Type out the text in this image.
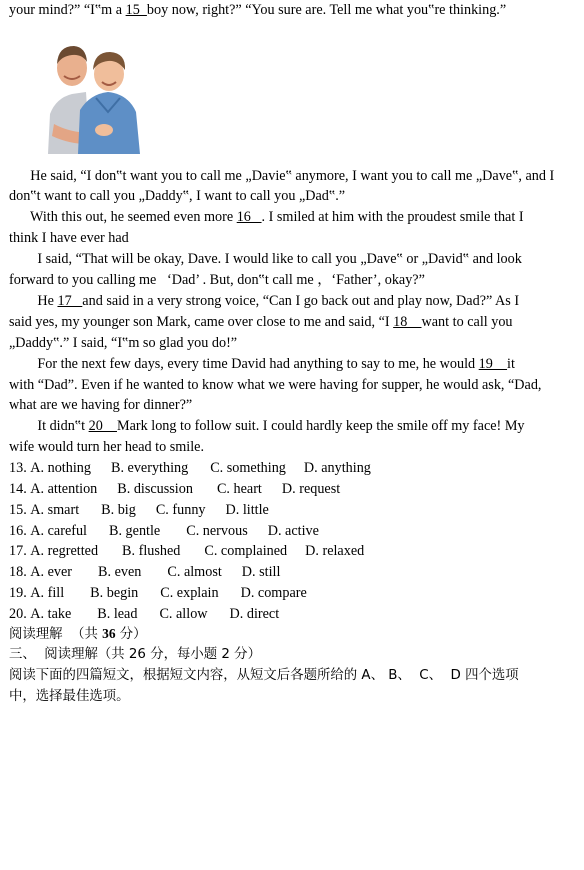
your mind?” “I‟m a 15  boy now, right?” “You sure are. Tell me what you‟re thinking.”
He said, “I don‟t want you to call me „Davie‟ anymore, I want you to call me „Dave‟, and I
don‟t want to call you „Daddy‟, I want to call you „Dad‟.”
With this out, he seemed even more 16   . I smiled at him with the proudest smile that I
think I have ever had
I said, “That will be okay, Dave. I would like to call you „Dave‟ or „David‟ and look
forward to you calling me   ‘Dad’ . But, don‟t call me ，‘Father’, okay?”
He 17   and said in a very strong voice, “Can I go back out and play now, Dad?” As I
said yes, my younger son Mark, came over close to me and said, “I 18    want to call you
„Daddy‟.” I said, “I‟m so glad you do!”
For the next few days, every time David had anything to say to me, he would 19    it
with “Dad”. Even if he wanted to know what we were having for supper, he would ask, “Dad,
what are we having for dinner?”
It didn‟t 20    Mark long to follow suit. I could hardly keep the smile off my face! My
wife would turn her head to smile.
13. A. nothing B. everything C. something D. anything
14. A. attention B. discussion C. heart D. request
15. A. smart B. big C. funny D. little
16. A. careful B. gentle C. nervous D. active
17. A. regretted B. flushed C. complained D. relaxed
18. A. ever B. even C. almost D. still
19. A. fill B. begin C. explain D. compare
20. A. take B. lead C. allow D. direct
阅读理解  （共 36 分）
三、  阅读理解（共 26 分，每小题 2 分）
阅读下面的四篇短文，根据短文内容，从短文后各题所给的 A、 B、  C、  D 四个选项
中，选择最佳选项。
